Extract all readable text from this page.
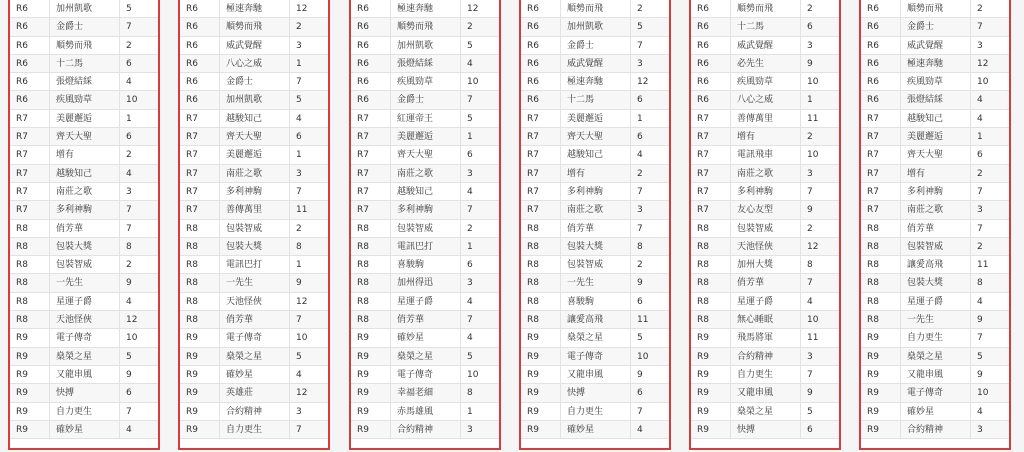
R6	加州凱歌	5
R6	金爵士	7
R6	順勢而飛	2
R6	十二馬	6
R6	張燈結綵	4
R6	疾風勁草	10
R7	美麗邂逅	1
R7	齊天大聖	6
R7	增有	2
R7	越駿知己	4
R7	南莊之歌	3
R7	多利神駒	7
R8	俏芳華	7
R8	包裝大獎	8
R8	包裝智威	2
R8	一先生	9
R8	星運子爵	4
R8	天池怪俠	12
R9	電子傳奇	10
R9	燊榮之星	5
R9	又龍串風	9
R9	快搏	6
R9	自力更生	7
R9	確妙星	4
R6	極速奔馳	12
R6	順勢而飛	2
R6	威武覺醒	3
R6	八心之威	1
R6	金爵士	7
R6	加州凱歌	5
R7	越駿知己	4
R7	齊天大聖	6
R7	美麗邂逅	1
R7	南莊之歌	3
R7	多利神駒	7
R7	善傳萬里	11
R8	包裝智威	2
R8	包裝大獎	8
R8	電訊巴打	1
R8	一先生	9
R8	天池怪俠	12
R8	俏芳華	7
R9	電子傳奇	10
R9	燊榮之星	5
R9	確妙星	4
R9	英雄莊	12
R9	合約精神	3
R9	自力更生	7
R6	極速奔馳	12
R6	順勢而飛	2
R6	加州凱歌	5
R6	張燈結綵	4
R6	疾風勁草	10
R6	金爵士	7
R7	紅運帝王	5
R7	美麗邂逅	1
R7	齊天大聖	6
R7	南莊之歌	3
R7	越駿知己	4
R7	多利神駒	7
R8	包裝智威	2
R8	電訊巴打	1
R8	喜駿駒	6
R8	加州得迅	3
R8	星運子爵	4
R8	俏芳華	7
R9	確妙星	4
R9	燊榮之星	5
R9	電子傳奇	10
R9	幸福老細	8
R9	赤馬雄風	1
R9	合約精神	3
R6	順勢而飛	2
R6	加州凱歌	5
R6	金爵士	7
R6	威武覺醒	3
R6	極速奔馳	12
R6	十二馬	6
R7	美麗邂逅	1
R7	齊天大聖	6
R7	越駿知己	4
R7	增有	2
R7	多利神駒	7
R7	南莊之歌	3
R8	俏芳華	7
R8	包裝大獎	8
R8	包裝智威	2
R8	一先生	9
R8	喜駿駒	6
R8	讓愛高飛	11
R9	燊榮之星	5
R9	電子傳奇	10
R9	又龍串風	9
R9	快搏	6
R9	自力更生	7
R9	確妙星	4
R6	順勢而飛	2
R6	十二馬	6
R6	威武覺醒	3
R6	必先生	9
R6	疾風勁草	10
R6	八心之威	1
R7	善傳萬里	11
R7	增有	2
R7	電訊飛車	10
R7	南莊之歌	3
R7	多利神駒	7
R7	友心友型	9
R8	包裝智威	2
R8	天池怪俠	12
R8	加州大獎	8
R8	俏芳華	7
R8	星運子爵	4
R8	無心睡眠	10
R9	飛馬將軍	11
R9	合約精神	3
R9	自力更生	7
R9	又龍串風	9
R9	燊榮之星	5
R9	快搏	6
R6	順勢而飛	2
R6	金爵士	7
R6	威武覺醒	3
R6	極速奔馳	12
R6	疾風勁草	10
R6	張燈結綵	4
R7	越駿知己	4
R7	美麗邂逅	1
R7	齊天大聖	6
R7	增有	2
R7	多利神駒	7
R7	南莊之歌	3
R8	俏芳華	7
R8	包裝智威	2
R8	讓愛高飛	11
R8	包裝大獎	8
R8	星運子爵	4
R8	一先生	9
R9	自力更生	7
R9	燊榮之星	5
R9	又龍串風	9
R9	電子傳奇	10
R9	確妙星	4
R9	合約精神	3
